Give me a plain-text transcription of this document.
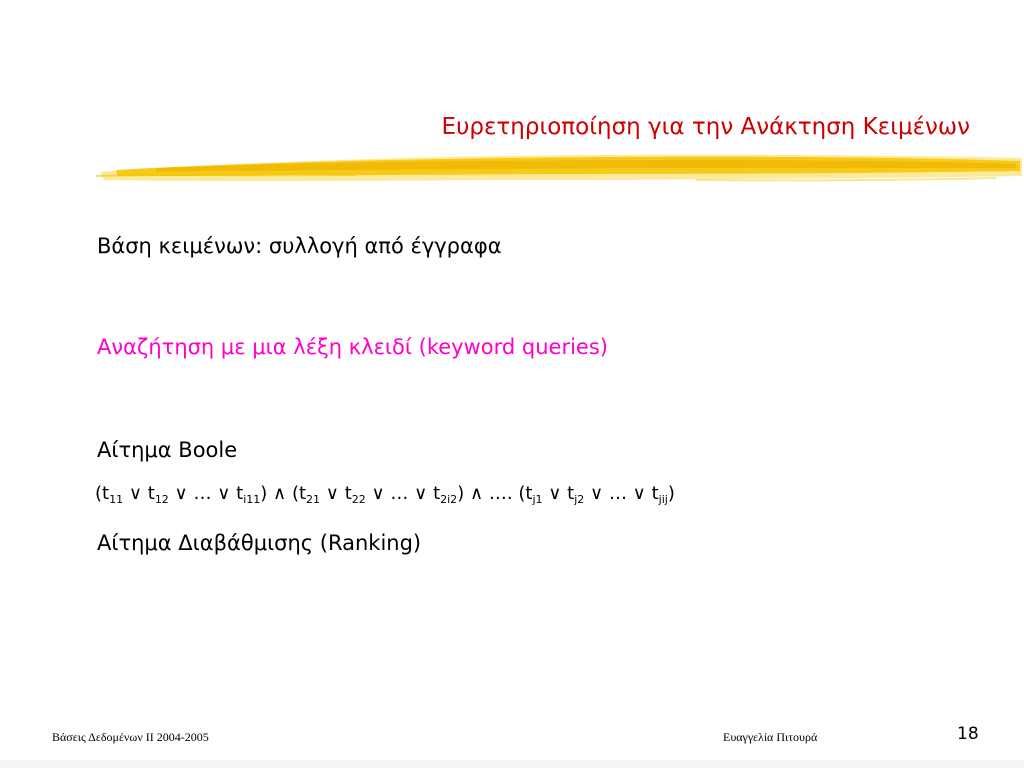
Ευρετηριοποίηση για την Ανάκτηση Κειμένων
Βάση κειμένων: συλλογή από έγγραφα
Αναζήτηση με μια λέξη κλειδί (keyword queries)
Αίτημα Boole
($t_{11}$ ∨ $t_{12}$ ∨ … ∨ $t_{i11}$) ∧ ($t_{21}$ ∨ $t_{22}$ ∨ … ∨ $t_{2i2}$) ∧ …. ($t_{j1}$ ∨ $t_{j2}$ ∨ … ∨ $t_{jij}$)
Αίτημα Διαβάθμισης (Ranking)
Βάσεις Δεδομένων ΙΙ 2004-2005	Ευαγγελία Πιτουρά	18
